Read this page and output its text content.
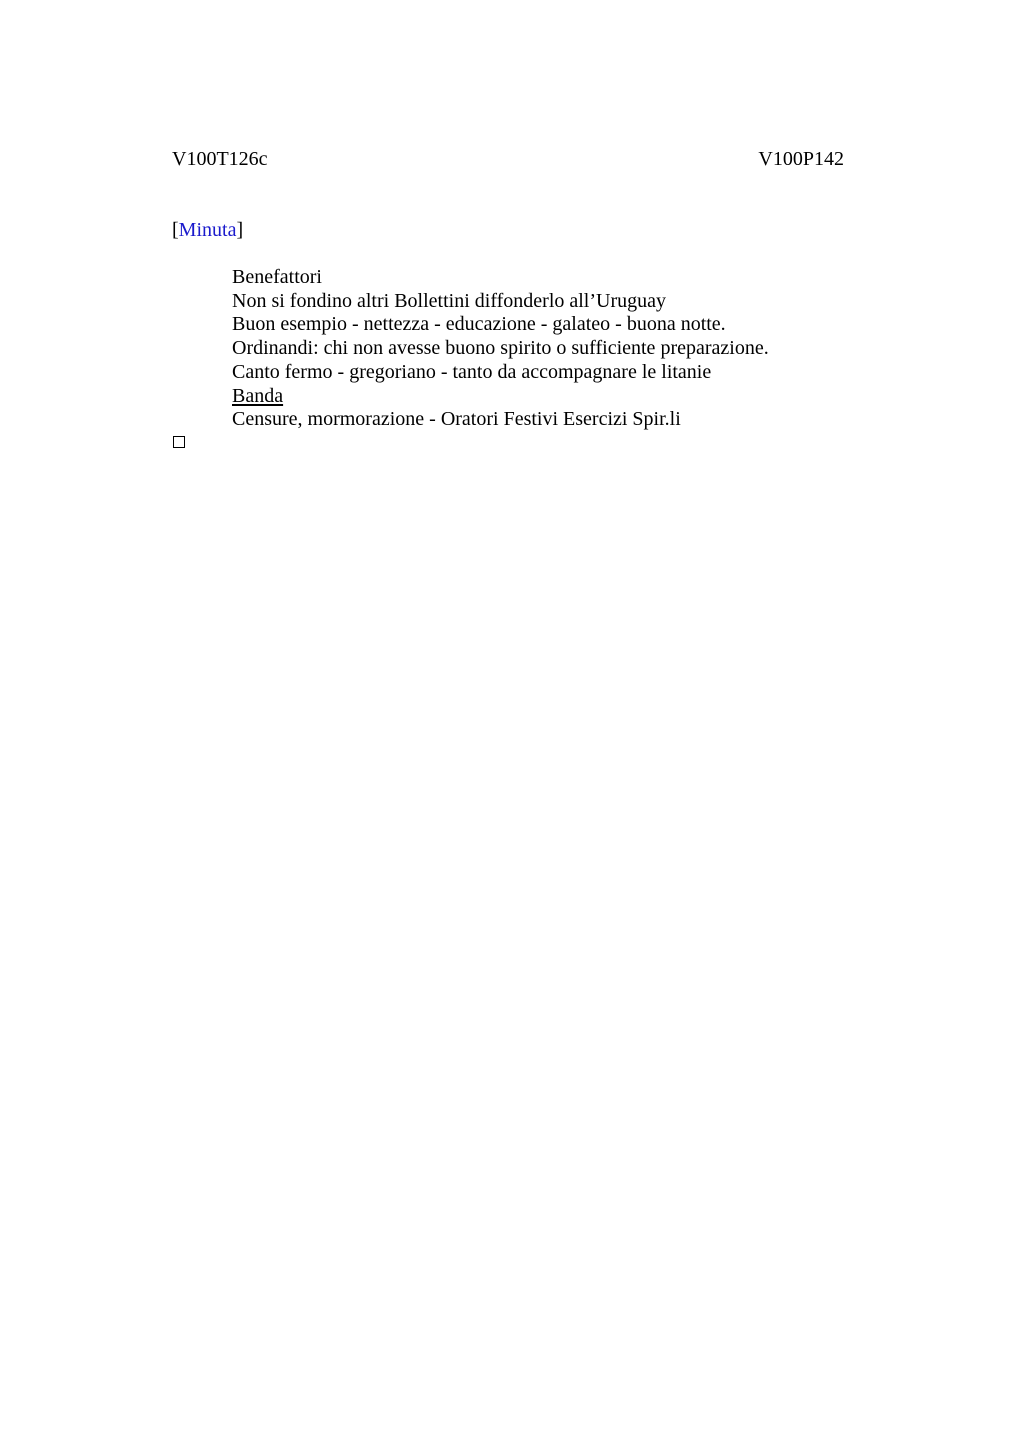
V100T126c	V100P142
[Minuta]
Benefattori
Non si fondino altri Bollettini diffonderlo all’Uruguay
Buon esempio - nettezza - educazione - galateo - buona notte.
Ordinandi: chi non avesse buono spirito o sufficiente preparazione.
Canto fermo - gregoriano - tanto da accompagnare le litanie
Banda
Censure, mormorazione - Oratori Festivi Esercizi Spir.li
